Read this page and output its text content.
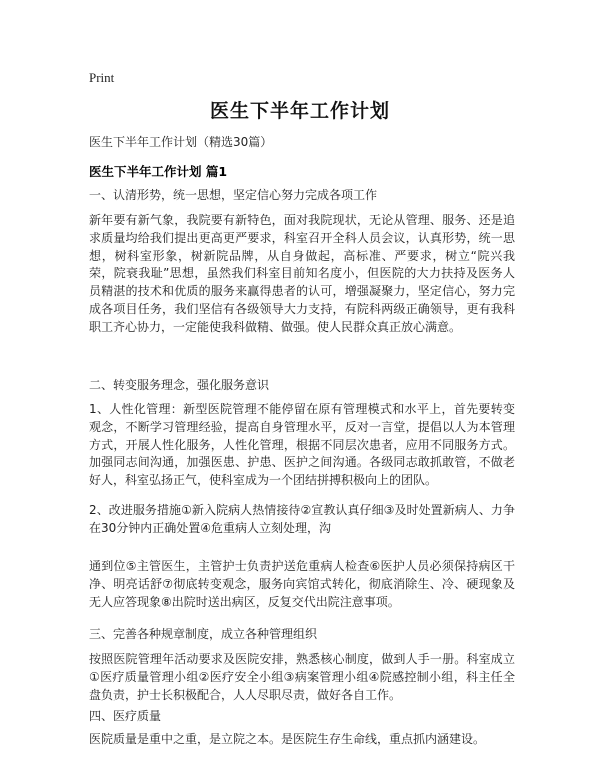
Print
医生下半年工作计划
医生下半年工作计划（精选30篇）
医生下半年工作计划 篇1

一、认清形势，统一思想，坚定信心努力完成各项工作

新年要有新气象，我院要有新特色，面对我院现状，无论从管理、服务、还是追求质量均给我们提出更高更严要求，科室召开全科人员会议，认真形势，统一思想，树科室形象，树新院品牌，从自身做起，高标准、严要求，树立“院兴我荣，院衰我耻”思想，虽然我们科室目前知名度小，但医院的大力扶持及医务人员精湛的技术和优质的服务来赢得患者的认可，增强凝聚力，坚定信心，努力完成各项目任务，我们坚信有各级领导大力支持，有院科两级正确领导，更有我科职工齐心协力，一定能使我科做精、做强。使人民群众真正放心满意。

二、转变服务理念，强化服务意识

1、人性化管理：新型医院管理不能停留在原有管理模式和水平上，首先要转变观念，不断学习管理经验，提高自身管理水平，反对一言堂，提倡以人为本管理方式，开展人性化服务，人性化管理，根据不同层次患者，应用不同服务方式。加强同志间沟通，加强医患、护患、医护之间沟通。各级同志敢抓敢管，不做老好人，科室弘扬正气，使科室成为一个团结拼搏积极向上的团队。

2、改进服务措施①新入院病人热情接待②宣教认真仔细③及时处置新病人、力争在30分钟内正确处置④危重病人立刻处理，沟

通到位⑤主管医生，主管护士负责护送危重病人检查⑥医护人员必须保持病区干净、明亮话舒⑦彻底转变观念，服务向宾馆式转化，彻底消除生、冷、硬现象及无人应答现象⑧出院时送出病区，反复交代出院注意事项。

三、完善各种规章制度，成立各种管理组织

按照医院管理年活动要求及医院安排，熟悉核心制度，做到人手一册。科室成立①医疗质量管理小组②医疗安全小组③病案管理小组④院感控制小组，科主任全盘负责，护士长积极配合，人人尽职尽责，做好各自工作。

四、医疗质量

医院质量是重中之重，是立院之本。是医院生存生命线，重点抓内涵建设。
